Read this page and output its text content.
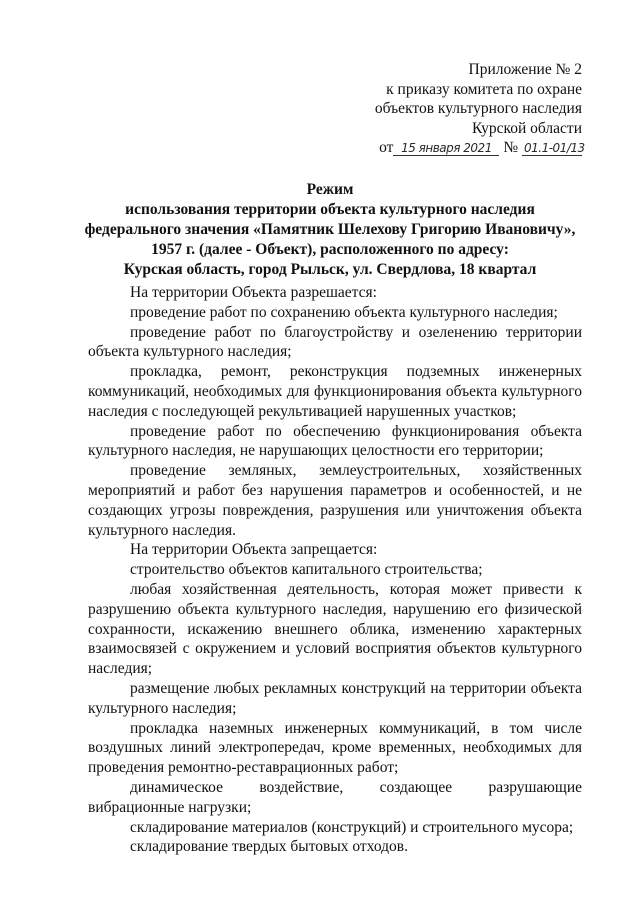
Приложение № 2
к приказу комитета по охране
объектов культурного наследия
Курской области
от 15 января 2021 № 01.1-01/13
Режим
использования территории объекта культурного наследия
федерального значения «Памятник Шелехову Григорию Ивановичу»,
1957 г. (далее - Объект), расположенного по адресу:
Курская область, город Рыльск, ул. Свердлова, 18 квартал

На территории Объекта разрешается:

проведение работ по сохранению объекта культурного наследия;

проведение работ по благоустройству и озеленению территории объекта культурного наследия;

прокладка, ремонт, реконструкция подземных инженерных коммуникаций, необходимых для функционирования объекта культурного наследия с последующей рекультивацией нарушенных участков;

проведение работ по обеспечению функционирования объекта культурного наследия, не нарушающих целостности его территории;

проведение земляных, землеустроительных, хозяйственных мероприятий и работ без нарушения параметров и особенностей, и не создающих угрозы повреждения, разрушения или уничтожения объекта культурного наследия.

На территории Объекта запрещается:

строительство объектов капитального строительства;

любая хозяйственная деятельность, которая может привести к разрушению объекта культурного наследия, нарушению его физической сохранности, искажению внешнего облика, изменению характерных взаимосвязей с окружением и условий восприятия объектов культурного наследия;

размещение любых рекламных конструкций на территории объекта культурного наследия;

прокладка наземных инженерных коммуникаций, в том числе воздушных линий электропередач, кроме временных, необходимых для проведения ремонтно-реставрационных работ;

динамическое воздействие, создающее разрушающие вибрационные нагрузки;

складирование материалов (конструкций) и строительного мусора;

складирование твердых бытовых отходов.
